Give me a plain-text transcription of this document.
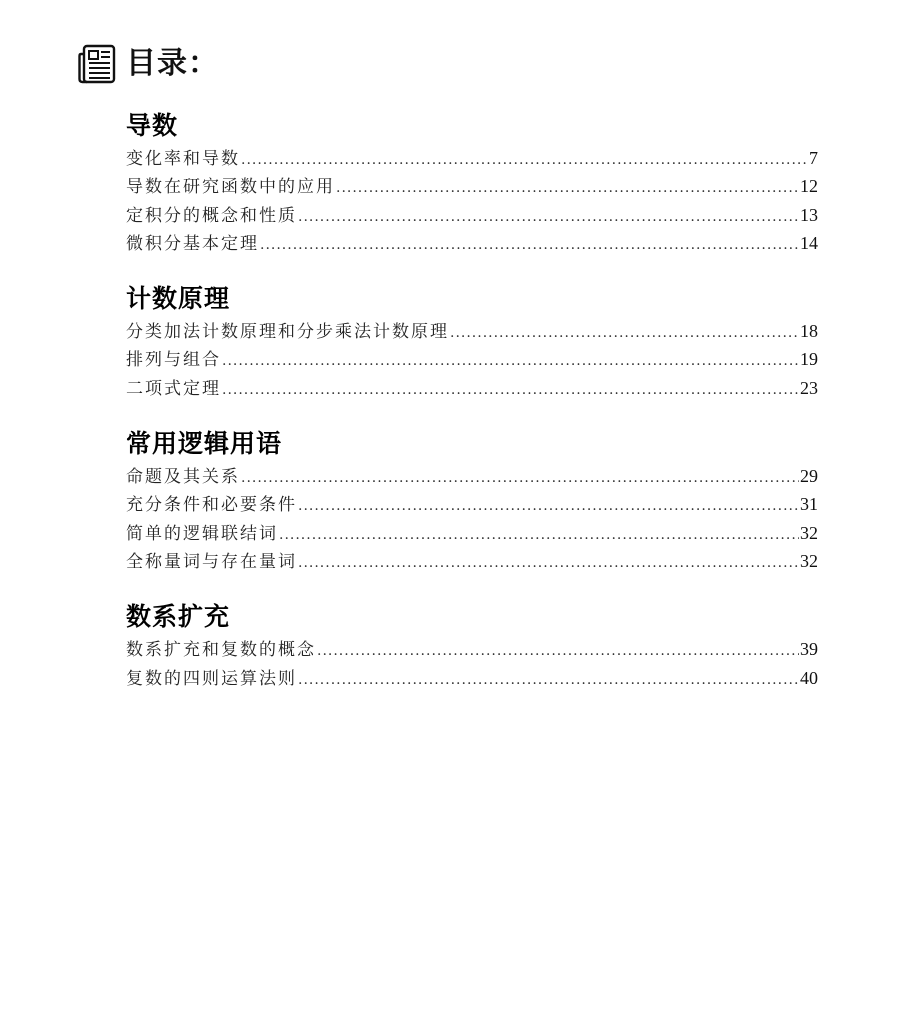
目录：
导数
变化率和导数 .....	7
导数在研究函数中的应用 .....	12
定积分的概念和性质 .....	13
微积分基本定理 .....	14
计数原理
分类加法计数原理和分步乘法计数原理 .....	18
排列与组合 .....	19
二项式定理 .....	23
常用逻辑用语
命题及其关系 .....	29
充分条件和必要条件 .....	31
简单的逻辑联结词 .....	32
全称量词与存在量词 .....	32
数系扩充
数系扩充和复数的概念 .....	39
复数的四则运算法则 .....	40
